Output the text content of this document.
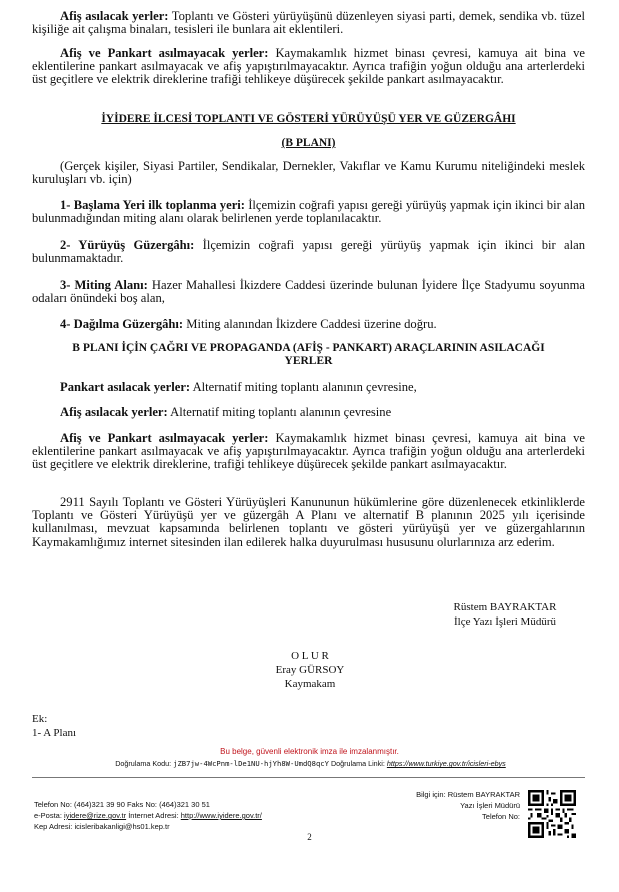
Afiş asılacak yerler: Toplantı ve Gösteri yürüyüşünü düzenleyen siyasi parti, demek, sendika vb. tüzel kişiliğe ait çalışma binaları, tesisleri ile bunlara ait eklentileri.

Afiş ve Pankart asılmayacak yerler: Kaymakamlık hizmet binası çevresi, kamuya ait bina ve eklentilerine pankart asılmayacak ve afiş yapıştırılmayacaktır. Ayrıca trafiğin yoğun olduğu ana arterlerdeki üst geçitlere ve elektrik direklerine trafiği tehlikeye düşürecek şekilde pankart asılmayacaktır.

İYİDERE İLCESİ TOPLANTI VE GÖSTERİ YÜRÜYÜŞÜ YER VE GÜZERGÂHI

(B PLANI)

(Gerçek kişiler, Siyasi Partiler, Sendikalar, Dernekler, Vakıflar ve Kamu Kurumu niteliğindeki meslek kuruluşları vb. için)

1- Başlama Yeri ilk toplanma yeri: İlçemizin coğrafi yapısı gereği yürüyüş yapmak için ikinci bir alan bulunmadığından miting alanı olarak belirlenen yerde toplanılacaktır.

2- Yürüyüş Güzergâhı: İlçemizin coğrafi yapısı gereği yürüyüş yapmak için ikinci bir alan bulunmamaktadır.

3- Miting Alanı: Hazer Mahallesi İkizdere Caddesi üzerinde bulunan İyidere İlçe Stadyumu soyunma odaları önündeki boş alan,

4- Dağılma Güzergâhı: Miting alanından İkizdere Caddesi üzerine doğru.

B PLANI İÇİN ÇAĞRI VE PROPAGANDA (AFİŞ - PANKART) ARAÇLARININ ASILACAĞI YERLER

Pankart asılacak yerler: Alternatif miting toplantı alanının çevresine,

Afiş asılacak yerler: Alternatif miting toplantı alanının çevresine

Afiş ve Pankart asılmayacak yerler: Kaymakamlık hizmet binası çevresi, kamuya ait bina ve eklentilerine pankart asılmayacak ve afiş yapıştırılmayacaktır. Ayrıca trafiğin yoğun olduğu ana arterlerdeki üst geçitlere ve elektrik direklerine, trafiği tehlikeye düşürecek şekilde pankart asılmayacaktır.

2911 Sayılı Toplantı ve Gösteri Yürüyüşleri Kanununun hükümlerine göre düzenlenecek etkinliklerde Toplantı ve Gösteri Yürüyüşü yer ve güzergâh A Planı ve alternatif B planının 2025 yılı içerisinde kullanılması, mevzuat kapsamında belirlenen toplantı ve gösteri yürüyüşü yer ve güzergahlarının Kaymakamlığımız internet sitesinden ilan edilerek halka duyurulması hususunu olurlarınıza arz ederim.

Rüstem BAYRAKTAR
İlçe Yazı İşleri Müdürü
O L U R
Eray GÜRSOY
Kaymakam
Ek:
1- A Planı
Bu belge, güvenli elektronik imza ile imzalanmıştır.
Doğrulama Kodu: jZB7jw-4WcPnm-lDe1NU-hjYh8W-UmdQ8qcY Doğrulama Linki: https://www.turkiye.gov.tr/icisleri-ebys
Telefon No: (464)321 39 90 Faks No: (464)321 30 51
e-Posta: iyidere@rize.gov.tr İnternet Adresi: http://www.iyidere.gov.tr/
Kep Adresi: icisleribakanligi@hs01.kep.tr
Bilgi için: Rüstem BAYRAKTAR
Yazı İşleri Müdürü
Telefon No:
2
